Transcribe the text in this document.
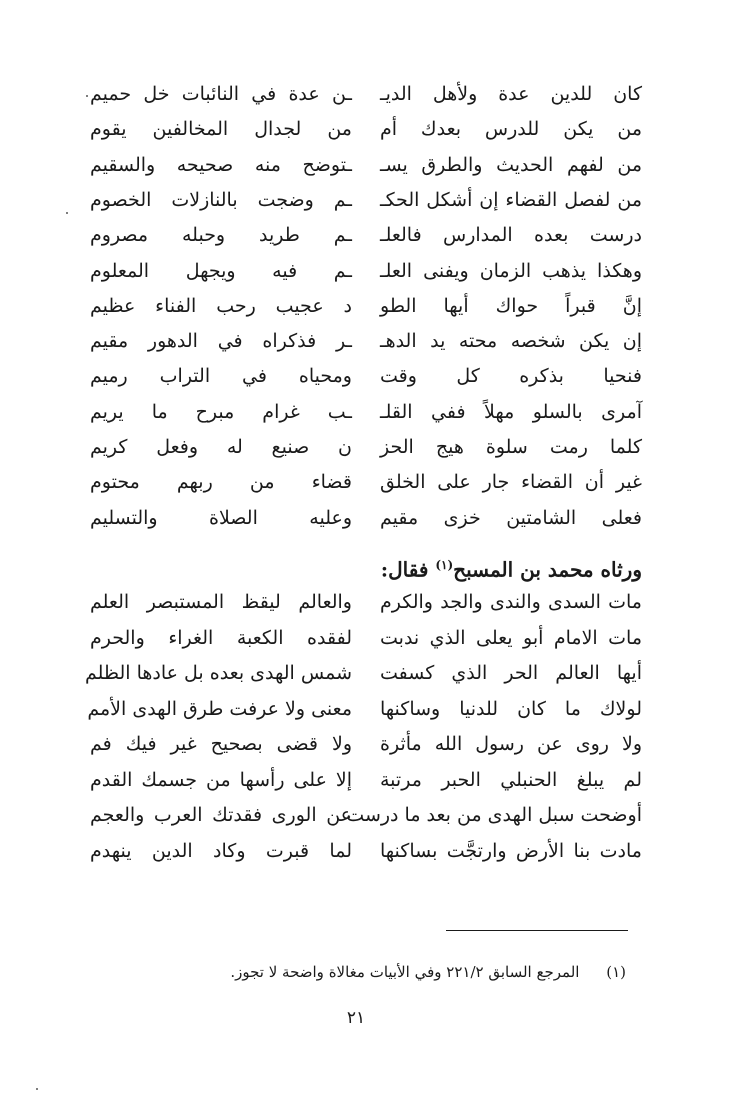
كان للدين عدة ولأهل الديـ
ـن عدة في النائبات خل حميم
من يكن للدرس بعدك أم
من لجدال المخالفين يقوم
من لفهم الحديث والطرق يسـ
ـتوضح منه صحيحه والسقيم
من لفصل القضاء إن أشكل الحكـ
ـم وضجت بالنازلات الخصوم
درست بعده المدارس فالعلـ
ـم طريد وحبله مصروم
وهكذا يذهب الزمان ويفنى العلـ
ـم فيه ويجهل المعلوم
إنَّ قبراً حواك أيها الطو
د عجيب رحب الفناء عظيم
إن يكن شخصه محته يد الدهـ
ـر فذكراه في الدهور مقيم
فنحيا بذكره كل وقت
ومحياه في التراب رميم
آمرى بالسلو مهلاً ففي القلـ
ـب غرام مبرح ما يريم
كلما رمت سلوة هيج الحز
ن صنيع له وفعل كريم
غير أن القضاء جار على الخلق
قضاء من ربهم محتوم
فعلى الشامتين خزى مقيم
وعليه الصلاة والتسليم
ورثاه محمد بن المسبح$^{(١)}$ فقال:
مات السدى والندى والجد والكرم
والعالم ليقظ المستبصر العلم
مات الامام أبو يعلى الذي ندبت
لفقده الكعبة الغراء والحرم
أيها العالم الحر الذي كسفت
شمس الهدى بعده بل عادها الظلم
لولاك ما كان للدنيا وساكنها
معنى ولا عرفت طرق الهدى الأمم
ولا روى عن رسول الله مأثرة
ولا قضى بصحيح غير فيك فم
لم يبلغ الحنبلي الحبر مرتبة
إلا على رأسها من جسمك القدم
أوضحت سبل الهدى من بعد ما درست
عن الورى فقدتك العرب والعجم
مادت بنا الأرض وارتجَّت بساكنها
لما قبرت وكاد الدين ينهدم
(١) المرجع السابق ٢٢١/٢ وفي الأبيات مغالاة واضحة لا تجوز.
٢١
